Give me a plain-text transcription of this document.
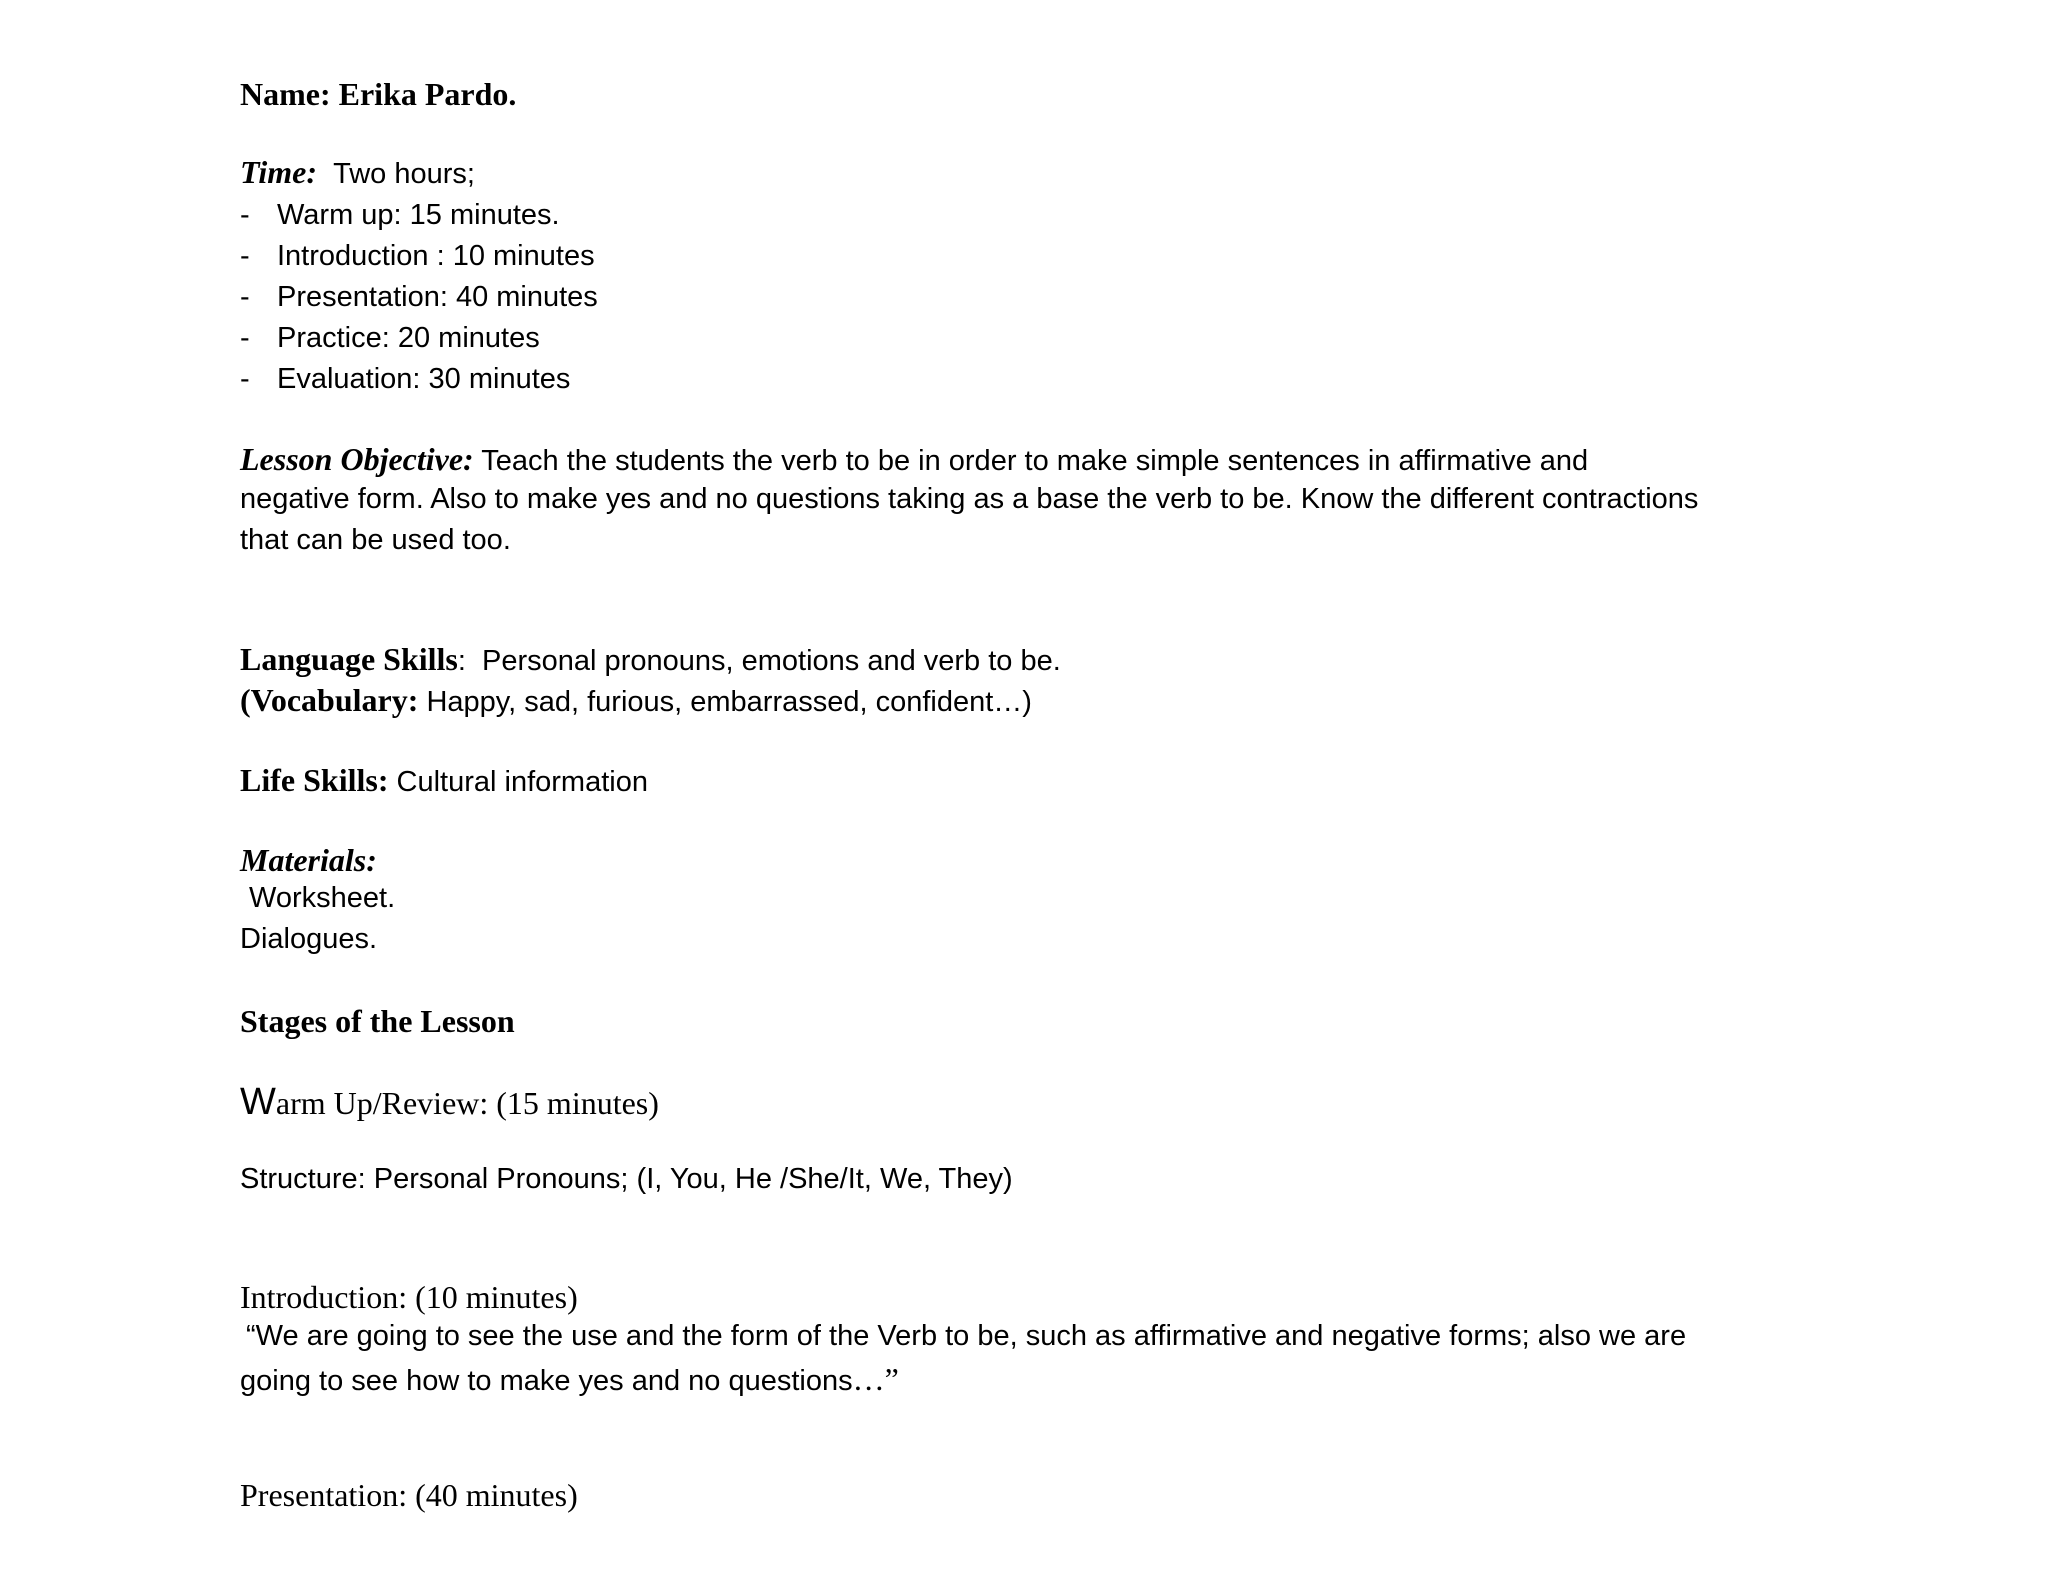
Name: Erika Pardo.
Time: Two hours;
- Warm up: 15 minutes.
- Introduction : 10 minutes
- Presentation: 40 minutes
- Practice: 20 minutes
- Evaluation: 30 minutes
Lesson Objective: Teach the students the verb to be in order to make simple sentences in affirmative and
negative form. Also to make yes and no questions taking as a base the verb to be. Know the different contractions
that can be used too.
Language Skills: Personal pronouns, emotions and verb to be.
(Vocabulary: Happy, sad, furious, embarrassed, confident…)
Life Skills: Cultural information
Materials:
Worksheet.
Dialogues.
Stages of the Lesson
Warm Up/Review: (15 minutes)
Structure: Personal Pronouns; (I, You, He /She/It, We, They)
Introduction: (10 minutes)
“We are going to see the use and the form of the Verb to be, such as affirmative and negative forms; also we are
going to see how to make yes and no questions…”
Presentation: (40 minutes)
